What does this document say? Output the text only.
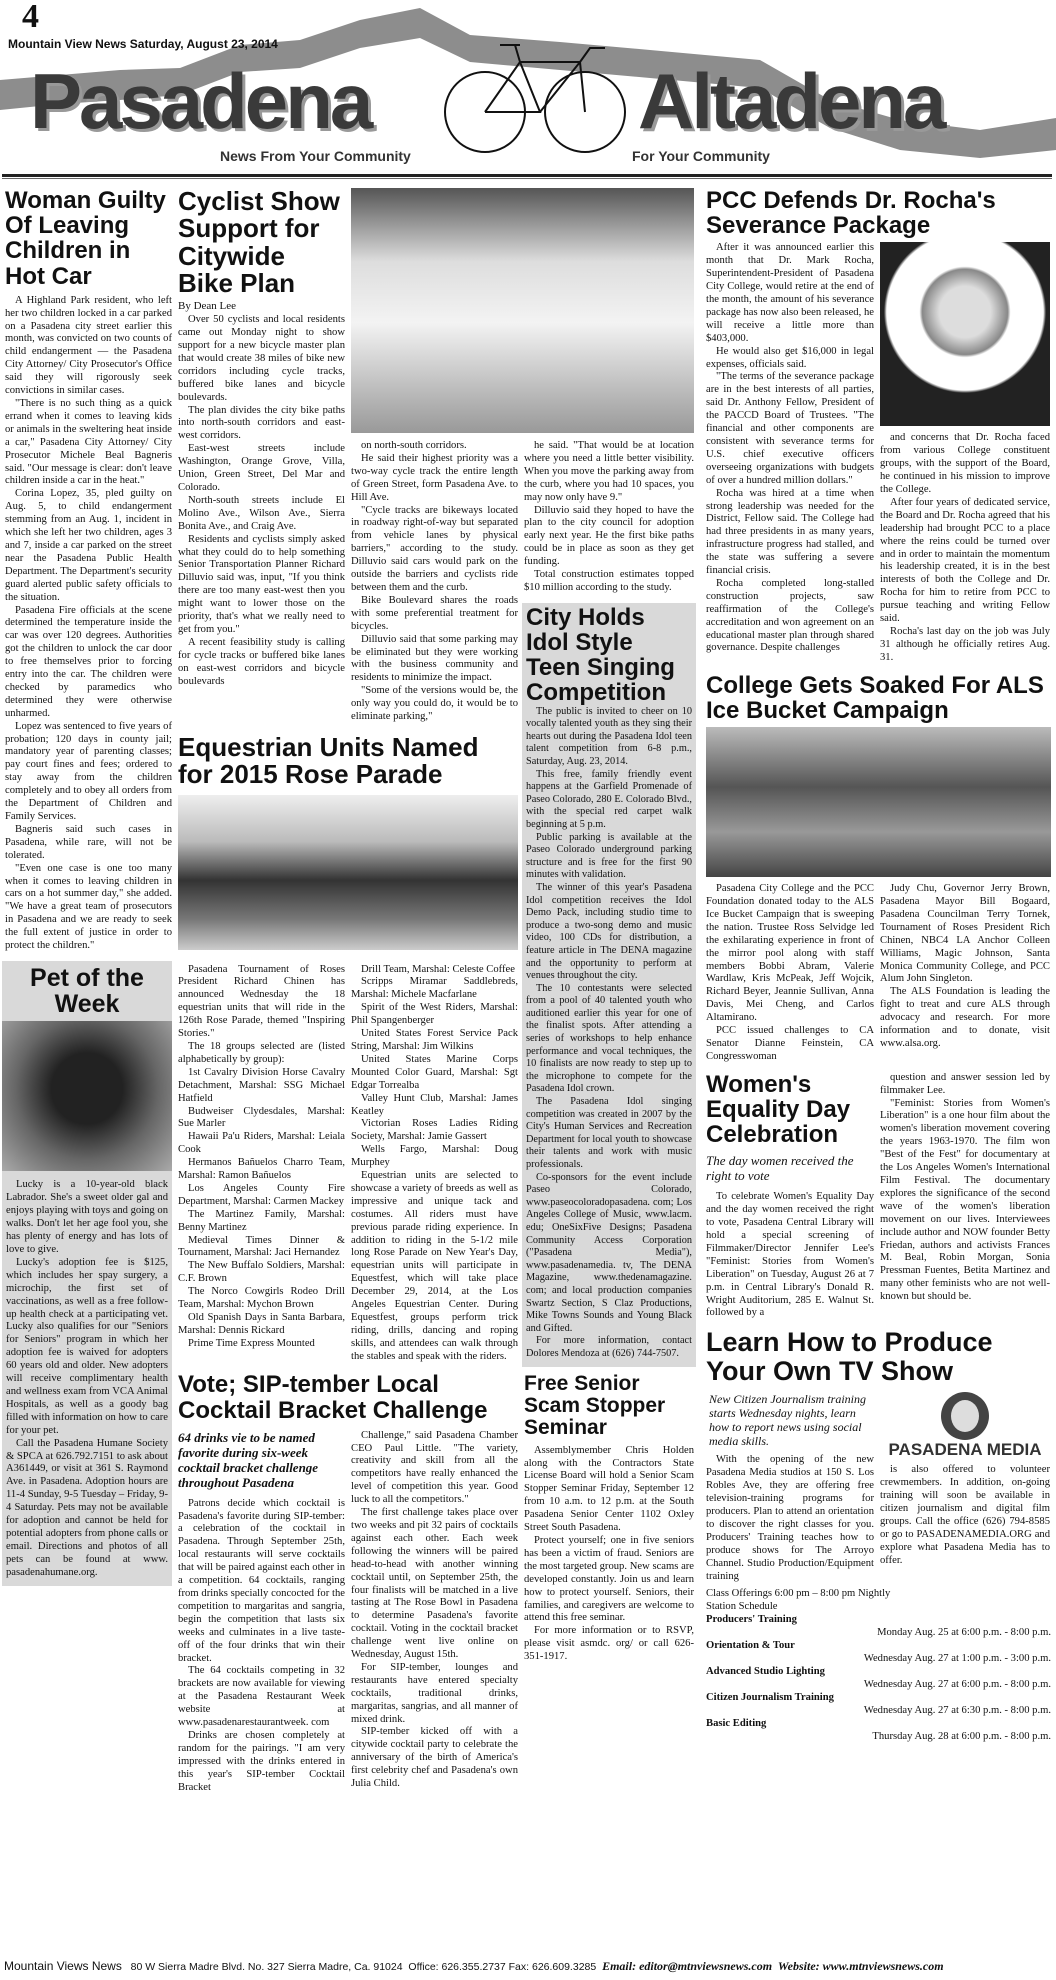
4
Mountain View News Saturday, August 23, 2014
Pasadena	Altadena
News From Your Community	For Your Community
Woman Guilty Of Leaving Children in Hot Car

A Highland Park resident, who left her two children locked in a car parked on a Pasadena city street earlier this month, was convicted on two counts of child endangerment — the Pasadena City Attorney/ City Prosecutor's Office said they will rigorously seek convictions in similar cases.

"There is no such thing as a quick errand when it comes to leaving kids or animals in the sweltering heat inside a car," Pasadena City Attorney/ City Prosecutor Michele Beal Bagneris said. "Our message is clear: don't leave children inside a car in the heat."

Corina Lopez, 35, pled guilty on Aug. 5, to child endangerment stemming from an Aug. 1, incident in which she left her two children, ages 3 and 7, inside a car parked on the street near the Pasadena Public Health Department. The Department's security guard alerted public safety officials to the situation.

Pasadena Fire officials at the scene determined the temperature inside the car was over 120 degrees. Authorities got the children to unlock the car door to free themselves prior to forcing entry into the car. The children were checked by paramedics who determined they were otherwise unharmed.

Lopez was sentenced to five years of probation; 120 days in county jail; mandatory year of parenting classes; pay court fines and fees; ordered to stay away from the children completely and to obey all orders from the Department of Children and Family Services.

Bagneris said such cases in Pasadena, while rare, will not be tolerated.

"Even one case is one too many when it comes to leaving children in cars on a hot summer day," she added. "We have a great team of prosecutors in Pasadena and we are ready to seek the full extent of justice in order to protect the children."

Pet of the Week

Lucky is a 10-year-old black Labrador. She's a sweet older gal and enjoys playing with toys and going on walks. Don't let her age fool you, she has plenty of energy and has lots of love to give.

Lucky's adoption fee is $125, which includes her spay surgery, a microchip, the first set of vaccinations, as well as a free follow-up health check at a participating vet. Lucky also qualifies for our "Seniors for Seniors" program in which her adoption fee is waived for adopters 60 years old and older. New adopters will receive complimentary health and wellness exam from VCA Animal Hospitals, as well as a goody bag filled with information on how to care for your pet.

Call the Pasadena Humane Society & SPCA at 626.792.7151 to ask about A361449, or visit at 361 S. Raymond Ave. in Pasadena. Adoption hours are 11-4 Sunday, 9-5 Tuesday – Friday, 9-4 Saturday. Pets may not be available for adoption and cannot be held for potential adopters from phone calls or email. Directions and photos of all pets can be found at www. pasadenahumane.org.

Cyclist Show Support for Citywide Bike Plan
By Dean Lee

Over 50 cyclists and local residents came out Monday night to show support for a new bicycle master plan that would create 38 miles of bike new corridors including cycle tracks, buffered bike lanes and bicycle boulevards.

The plan divides the city bike paths into north-south corridors and east-west corridors.

East-west streets include Washington, Orange Grove, Villa, Union, Green Street, Del Mar and Colorado.

North-south streets include El Molino Ave., Wilson Ave., Sierra Bonita Ave., and Craig Ave.

Residents and cyclists simply asked what they could do to help something Senior Transportation Planner Richard Dilluvio said was, input, "If you think there are too many east-west then you might want to lower those on the priority, that's what we really need to get from you."

A recent feasibility study is calling for cycle tracks or buffered bike lanes on east-west corridors and bicycle boulevards

on north-south corridors.

He said their highest priority was a two-way cycle track the entire length of Green Street, form Pasadena Ave. to Hill Ave.

"Cycle tracks are bikeways located in roadway right-of-way but separated from vehicle lanes by physical barriers," according to the study. Dilluvio said cars would park on the outside the barriers and cyclists ride between them and the curb.

Bike Boulevard shares the roads with some preferential treatment for bicycles.

Dilluvio said that some parking may be eliminated but they were working with the business community and residents to minimize the impact.

"Some of the versions would be, the only way you could do, it would be to eliminate parking,"

Equestrian Units Named for 2015 Rose Parade

Pasadena Tournament of Roses President Richard Chinen has announced Wednesday the 18 equestrian units that will ride in the 126th Rose Parade, themed "Inspiring Stories."

The 18 groups selected are (listed alphabetically by group):

1st Cavalry Division Horse Cavalry Detachment, Marshal: SSG Michael Hatfield

Budweiser Clydesdales, Marshal: Sue Marler

Hawaii Pa'u Riders, Marshal: Leiala Cook

Hermanos Bañuelos Charro Team, Marshal: Ramon Bañuelos

Los Angeles County Fire Department, Marshal: Carmen Mackey

The Martinez Family, Marshal: Benny Martinez

Medieval Times Dinner & Tournament, Marshal: Jaci Hernandez

The New Buffalo Soldiers, Marshal: C.F. Brown

The Norco Cowgirls Rodeo Drill Team, Marshal: Mychon Brown

Old Spanish Days in Santa Barbara, Marshal: Dennis Rickard

Prime Time Express Mounted

Drill Team, Marshal: Celeste Coffee

Scripps Miramar Saddlebreds, Marshal: Michele Macfarlane

Spirit of the West Riders, Marshal: Phil Spangenberger

United States Forest Service Pack String, Marshal: Jim Wilkins

United States Marine Corps Mounted Color Guard, Marshal: Sgt Edgar Torrealba

Valley Hunt Club, Marshal: James Keatley

Victorian Roses Ladies Riding Society, Marshal: Jamie Gassert

Wells Fargo, Marshal: Doug Murphey

Equestrian units are selected to showcase a variety of breeds as well as impressive and unique tack and costumes. All riders must have previous parade riding experience. In addition to riding in the 5-1/2 mile long Rose Parade on New Year's Day, equestrian units will participate in Equestfest, which will take place December 29, 2014, at the Los Angeles Equestrian Center. During Equestfest, groups perform trick riding, drills, dancing and roping skills, and attendees can walk through the stables and speak with the riders.

Vote; SIP-tember Local Cocktail Bracket Challenge
64 drinks vie to be named favorite during six-week cocktail bracket challenge throughout Pasadena

Patrons decide which cocktail is Pasadena's favorite during SIP-tember: a celebration of the cocktail in Pasadena. Through September 25th, local restaurants will serve cocktails that will be paired against each other in a competition. 64 cocktails, ranging from drinks specially concocted for the competition to margaritas and sangria, begin the competition that lasts six weeks and culminates in a live taste-off of the four drinks that win their bracket.

The 64 cocktails competing in 32 brackets are now available for viewing at the Pasadena Restaurant Week website at www.pasadenarestaurantweek. com

Drinks are chosen completely at random for the pairings. "I am very impressed with the drinks entered in this year's SIP-tember Cocktail Bracket

Challenge," said Pasadena Chamber CEO Paul Little. "The variety, creativity and skill from all the competitors have really enhanced the level of competition this year. Good luck to all the competitors."

The first challenge takes place over two weeks and pit 32 pairs of cocktails against each other. Each week following the winners will be paired head-to-head with another winning cocktail until, on September 25th, the four finalists will be matched in a live tasting at The Rose Bowl in Pasadena to determine Pasadena's favorite cocktail. Voting in the cocktail bracket challenge went live online on Wednesday, August 15th.

For SIP-tember, lounges and restaurants have entered specialty cocktails, traditional drinks, margaritas, sangrias, and all manner of mixed drink.

SIP-tember kicked off with a citywide cocktail party to celebrate the anniversary of the birth of America's first celebrity chef and Pasadena's own Julia Child.

he said. "That would be at location where you need a little better visibility. When you move the parking away from the curb, where you had 10 spaces, you may now only have 9."

Dilluvio said they hoped to have the plan to the city council for adoption early next year. He the first bike paths could be in place as soon as they get funding.

Total construction estimates topped $10 million according to the study.

City Holds Idol Style Teen Singing Competition

The public is invited to cheer on 10 vocally talented youth as they sing their hearts out during the Pasadena Idol teen talent competition from 6-8 p.m., Saturday, Aug. 23, 2014.

This free, family friendly event happens at the Garfield Promenade of Paseo Colorado, 280 E. Colorado Blvd., with the special red carpet walk beginning at 5 p.m.

Public parking is available at the Paseo Colorado underground parking structure and is free for the first 90 minutes with validation.

The winner of this year's Pasadena Idol competition receives the Idol Demo Pack, including studio time to produce a two-song demo and music video, 100 CDs for distribution, a feature article in The DENA magazine and the opportunity to perform at venues throughout the city.

The 10 contestants were selected from a pool of 40 talented youth who auditioned earlier this year for one of the finalist spots. After attending a series of workshops to help enhance performance and vocal techniques, the 10 finalists are now ready to step up to the microphone to compete for the Pasadena Idol crown.

The Pasadena Idol singing competition was created in 2007 by the City's Human Services and Recreation Department for local youth to showcase their talents and work with music professionals.

Co-sponsors for the event include Paseo Colorado, www.paseocoloradopasadena. com; Los Angeles College of Music, www.lacm. edu; OneSixFive Designs; Pasadena Community Access Corporation ("Pasadena Media"), www.pasadenamedia. tv, The DENA Magazine, www.thedenamagazine. com; and local production companies Swartz Section, S Claz Productions, Mike Towns Sounds and Young Black and Gifted.

For more information, contact Dolores Mendoza at (626) 744-7507.

Free Senior Scam Stopper Seminar

Assemblymember Chris Holden along with the Contractors State License Board will hold a Senior Scam Stopper Seminar Friday, September 12 from 10 a.m. to 12 p.m. at the South Pasadena Senior Center 1102 Oxley Street South Pasadena.

Protect yourself; one in five seniors has been a victim of fraud. Seniors are the most targeted group. New scams are developed constantly. Join us and learn how to protect yourself. Seniors, their families, and caregivers are welcome to attend this free seminar.

For more information or to RSVP, please visit asmdc. org/ or call 626-351-1917.

PCC Defends Dr. Rocha's Severance Package

After it was announced earlier this month that Dr. Mark Rocha, Superintendent-President of Pasadena City College, would retire at the end of the month, the amount of his severance package has now also been released, he will receive a little more than $403,000.

He would also get $16,000 in legal expenses, officials said.

"The terms of the severance package are in the best interests of all parties, said Dr. Anthony Fellow, President of the PACCD Board of Trustees. "The financial and other components are consistent with severance terms for U.S. chief executive officers overseeing organizations with budgets of over a hundred million dollars."

Rocha was hired at a time when strong leadership was needed for the District, Fellow said. The College had had three presidents in as many years, infrastructure progress had stalled, and the state was suffering a severe financial crisis.

Rocha completed long-stalled construction projects, saw reaffirmation of the College's accreditation and won agreement on an educational master plan through shared governance. Despite challenges

and concerns that Dr. Rocha faced from various College constituent groups, with the support of the Board, he continued in his mission to improve the College.

After four years of dedicated service, the Board and Dr. Rocha agreed that his leadership had brought PCC to a place where the reins could be turned over and in order to maintain the momentum his leadership created, it is in the best interests of both the College and Dr. Rocha for him to retire from PCC to pursue teaching and writing Fellow said.

Rocha's last day on the job was July 31 although he officially retires Aug. 31.

College Gets Soaked For ALS Ice Bucket Campaign

Pasadena City College and the PCC Foundation donated today to the ALS Ice Bucket Campaign that is sweeping the nation. Trustee Ross Selvidge led the exhilarating experience in front of the mirror pool along with staff members Bobbi Abram, Valerie Wardlaw, Kris McPeak, Jeff Wojcik, Richard Beyer, Jeannie Sullivan, Anna Davis, Mei Cheng, and Carlos Altamirano.

PCC issued challenges to CA Senator Dianne Feinstein, CA Congresswoman

Judy Chu, Governor Jerry Brown, Pasadena Mayor Bill Bogaard, Pasadena Councilman Terry Tornek, Tournament of Roses President Rich Chinen, NBC4 LA Anchor Colleen Williams, Magic Johnson, Santa Monica Community College, and PCC Alum John Singleton.

The ALS Foundation is leading the fight to treat and cure ALS through advocacy and research. For more information and to donate, visit www.alsa.org.

Women's Equality Day Celebration
The day women received the right to vote

To celebrate Women's Equality Day and the day women received the right to vote, Pasadena Central Library will hold a special screening of Filmmaker/Director Jennifer Lee's "Feminist: Stories from Women's Liberation" on Tuesday, August 26 at 7 p.m. in Central Library's Donald R. Wright Auditorium, 285 E. Walnut St. followed by a

question and answer session led by filmmaker Lee.

"Feminist: Stories from Women's Liberation" is a one hour film about the women's liberation movement covering the years 1963-1970. The film won "Best of the Fest" for documentary at the Los Angeles Women's International Film Festival. The documentary explores the significance of the second wave of the women's liberation movement on our lives. Interviewees include author and NOW founder Betty Friedan, authors and activists Frances M. Beal, Robin Morgan, Sonia Pressman Fuentes, Betita Martinez and many other feminists who are not well-known but should be.

Learn How to Produce Your Own TV Show
New Citizen Journalism training starts Wednesday nights, learn how to report news using social media skills.

With the opening of the new Pasadena Media studios at 150 S. Los Robles Ave, they are offering free television-training programs for producers. Plan to attend an orientation to discover the right classes for you. Producers' Training teaches how to produce shows for The Arroyo Channel. Studio Production/Equipment training

PASADENA MEDIA

is also offered to volunteer crewmembers. In addition, on-going training will soon be available in citizen journalism and digital film groups. Call the office (626) 794-8585 or go to PASADENAMEDIA.ORG and explore what Pasadena Media has to offer.

Class Offerings 6:00 pm – 8:00 pm Nightly
Station Schedule
Producers' Training
Monday Aug. 25 at 6:00 p.m. - 8:00 p.m.
Orientation & Tour
Wednesday Aug. 27 at 1:00 p.m. - 3:00 p.m.
Advanced Studio Lighting
Wednesday Aug. 27 at 6:00 p.m. - 8:00 p.m.
Citizen Journalism Training
Wednesday Aug. 27 at 6:30 p.m. - 8:00 p.m.
Basic Editing
Thursday Aug. 28 at 6:00 p.m. - 8:00 p.m.
Mountain Views News 80 W Sierra Madre Blvd. No. 327 Sierra Madre, Ca. 91024 Office: 626.355.2737 Fax: 626.609.3285 Email: editor@mtnviewsnews.com Website: www.mtnviewsnews.com
